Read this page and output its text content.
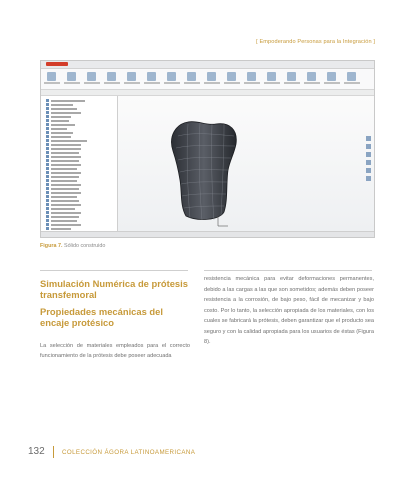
[ Empoderando Personas para la Integración ]
Figura 7. Sólido construido
Simulación Numérica de prótesis transfemoral
Propiedades mecánicas del encaje protésico
La selección de materiales empleados para el correcto funcionamiento de la prótesis debe poseer adecuada
resistencia mecánica para evitar deformaciones permanentes, debido a las cargas a las que son sometidos; además deben poseer resistencia a la corrosión, de bajo peso, fácil de mecanizar y bajo costo. Por lo tanto, la selección apropiada de los materiales, con los cuales se fabricará la prótesis, deben garantizar que el producto sea seguro y con la calidad apropiada para los usuarios de éstas (Figura 8).
132	COLECCIÓN ÁGORA LATINOAMERICANA
